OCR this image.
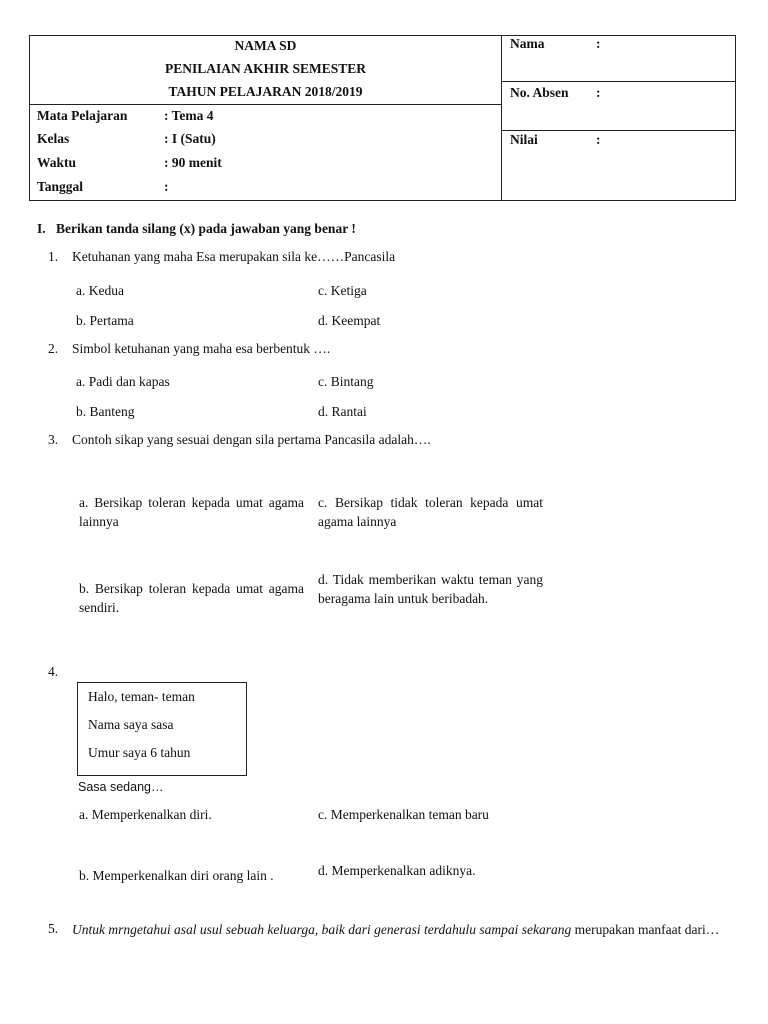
NAMA SD
PENILAIAN AKHIR SEMESTER
TAHUN PELAJARAN 2018/2019
Mata Pelajaran	: Tema 4
Kelas	: I (Satu)
Waktu	: 90 menit
Tanggal	:
Nama	:
No. Absen :
Nilai	:
I. Berikan tanda silang (x) pada jawaban yang benar !
1. Ketuhanan yang maha Esa merupakan sila ke……Pancasila
a. Kedua
b. Pertama
c. Ketiga
d. Keempat
2. Simbol ketuhanan yang maha esa berbentuk ….
a. Padi dan kapas
b. Banteng
c. Bintang
d. Rantai
3. Contoh sikap yang sesuai dengan sila pertama Pancasila adalah….
a. Bersikap toleran kepada umat agama lainnya
b. Bersikap toleran kepada umat agama sendiri.
c. Bersikap tidak toleran kepada umat agama lainnya
d. Tidak memberikan waktu teman yang beragama lain untuk beribadah.
4.
Halo, teman- teman
Nama saya sasa
Umur saya 6 tahun
Sasa sedang…
a. Memperkenalkan diri.
b. Memperkenalkan diri orang lain .
c. Memperkenalkan teman baru
d. Memperkenalkan adiknya.
5. Untuk mrngetahui asal usul sebuah keluarga, baik dari generasi terdahulu sampai sekarang merupakan manfaat dari…
